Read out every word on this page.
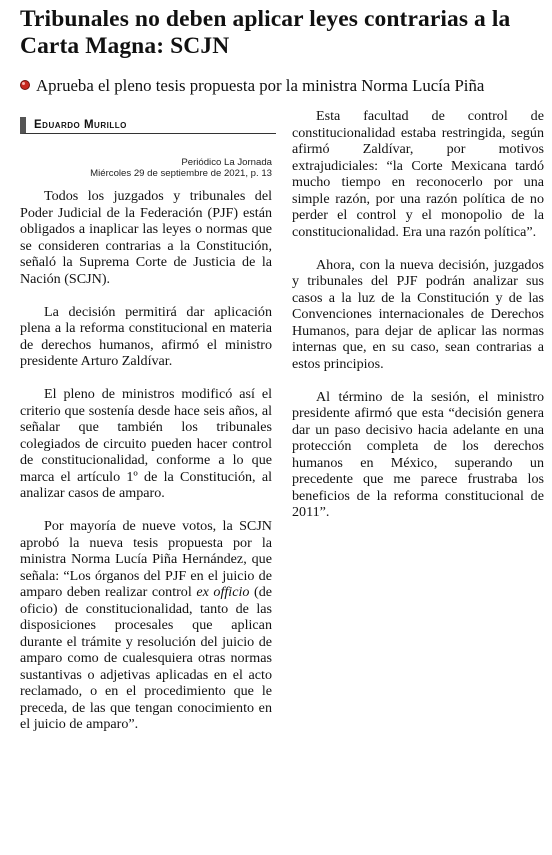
Tribunales no deben aplicar leyes contrarias a la Carta Magna: SCJN
Aprueba el pleno tesis propuesta por la ministra Norma Lucía Piña
Eduardo Murillo
Periódico La Jornada
Miércoles 29 de septiembre de 2021, p. 13

Todos los juzgados y tribunales del Poder Judicial de la Federación (PJF) están obligados a inaplicar las leyes o normas que se consideren contrarias a la Constitución, señaló la Suprema Corte de Justicia de la Nación (SCJN).

La decisión permitirá dar aplicación plena a la reforma constitucional en materia de derechos humanos, afirmó el ministro presidente Arturo Zaldívar.

El pleno de ministros modificó así el criterio que sostenía desde hace seis años, al señalar que también los tribunales colegiados de circuito pueden hacer control de constitucionalidad, conforme a lo que marca el artículo 1º de la Constitución, al analizar casos de amparo.

Por mayoría de nueve votos, la SCJN aprobó la nueva tesis propuesta por la ministra Norma Lucía Piña Hernández, que señala: “Los órganos del PJF en el juicio de amparo deben realizar control ex officio (de oficio) de constitucionalidad, tanto de las disposiciones procesales que aplican durante el trámite y resolución del juicio de amparo como de cualesquiera otras normas sustantivas o adjetivas aplicadas en el acto reclamado, o en el procedimiento que le preceda, de las que tengan conocimiento en el juicio de amparo”.

Esta facultad de control de constitucionalidad estaba restringida, según afirmó Zaldívar, por motivos extrajudiciales: “la Corte Mexicana tardó mucho tiempo en reconocerlo por una simple razón, por una razón política de no perder el control y el monopolio de la constitucionalidad. Era una razón política”.

Ahora, con la nueva decisión, juzgados y tribunales del PJF podrán analizar sus casos a la luz de la Constitución y de las Convenciones internacionales de Derechos Humanos, para dejar de aplicar las normas internas que, en su caso, sean contrarias a estos principios.

Al término de la sesión, el ministro presidente afirmó que esta “decisión genera dar un paso decisivo hacia adelante en una protección completa de los derechos humanos en México, superando un precedente que me parece frustraba los beneficios de la reforma constitucional de 2011”.
